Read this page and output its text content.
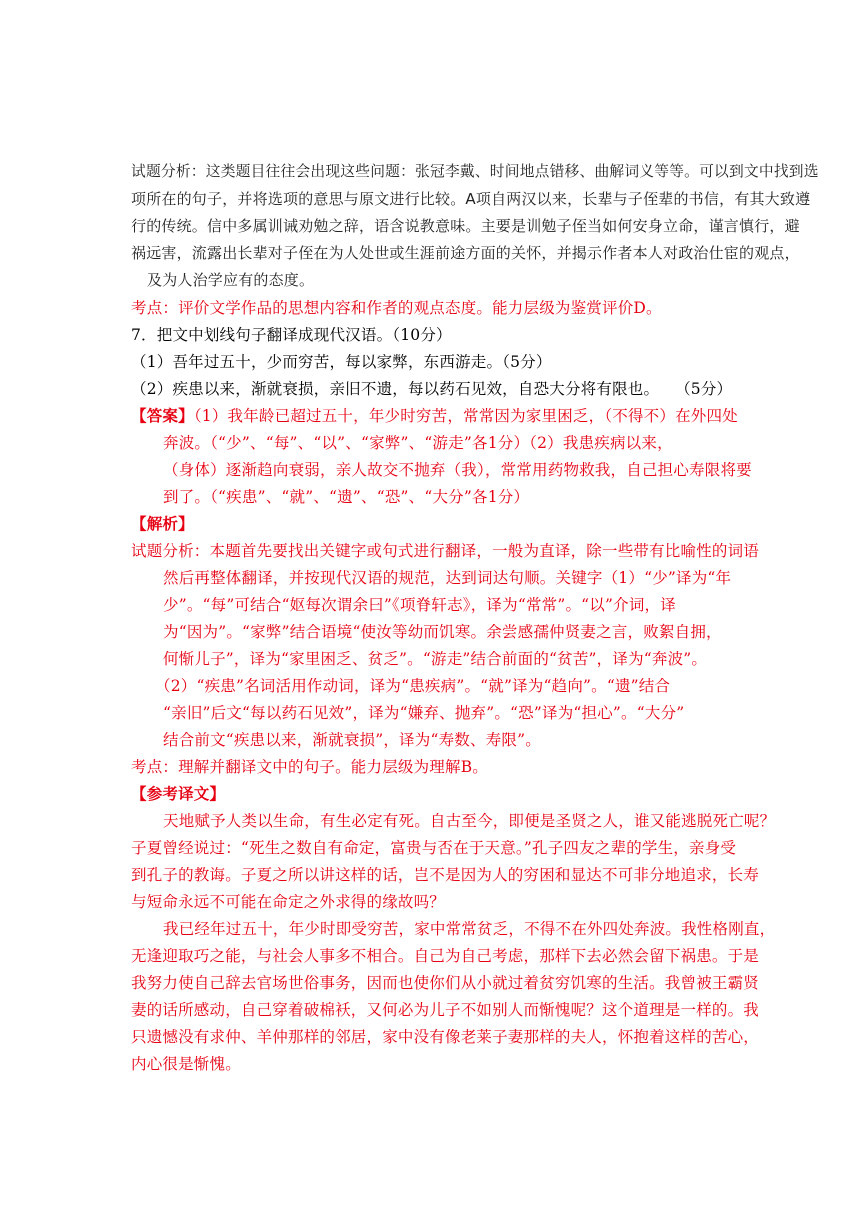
试题分析：这类题目往往会出现这些问题：张冠李戴、时间地点错移、曲解词义等等。可以到文中找到选
项所在的句子，并将选项的意思与原文进行比较。A项自两汉以来，长辈与子侄辈的书信，有其大致遵
行的传统。信中多属训诫劝勉之辞，语含说教意味。主要是训勉子侄当如何安身立命，谨言慎行，避
祸远害，流露出长辈对子侄在为人处世或生涯前途方面的关怀，并揭示作者本人对政治仕宦的观点，
及为人治学应有的态度。
考点：评价文学作品的思想内容和作者的观点态度。能力层级为鉴赏评价D。
7．把文中划线句子翻译成现代汉语。（10分）
（1）吾年过五十，少而穷苦，每以家弊，东西游走。（5分）
（2）疾患以来，渐就衰损，亲旧不遗，每以药石见效，自恐大分将有限也。　　（5分）
【答案】（1）我年龄已超过五十，年少时穷苦，常常因为家里困乏，（不得不）在外四处
奔波。（“少”、“每”、“以”、“家弊”、“游走”各1分）（2）我患疾病以来，
（身体）逐渐趋向衰弱，亲人故交不抛弃（我），常常用药物救我，自己担心寿限将要
到了。（“疾患”、“就”、“遗”、“恐”、“大分”各1分）
【解析】
试题分析：本题首先要找出关键字或句式进行翻译，一般为直译，除一些带有比喻性的词语
然后再整体翻译，并按现代汉语的规范，达到词达句顺。关键字（1）“少”译为“年
少”。“每”可结合“妪每次谓余曰”《项脊轩志》，译为“常常”。“以”介词，译
为“因为”。“家弊”结合语境“使汝等幼而饥寒。余尝感孺仲贤妻之言，败絮自拥，
何惭儿子”，译为“家里困乏、贫乏”。“游走”结合前面的“贫苦”，译为“奔波”。
（2）“疾患”名词活用作动词，译为“患疾病”。“就”译为“趋向”。“遗”结合
“亲旧”后文“每以药石见效”，译为“嫌弃、抛弃”。“恐”译为“担心”。“大分”
结合前文“疾患以来，渐就衰损”，译为“寿数、寿限”。
考点：理解并翻译文中的句子。能力层级为理解B。
【参考译文】
天地赋予人类以生命，有生必定有死。自古至今，即便是圣贤之人，谁又能逃脱死亡呢？
子夏曾经说过：“死生之数自有命定，富贵与否在于天意。”孔子四友之辈的学生，亲身受
到孔子的教诲。子夏之所以讲这样的话，岂不是因为人的穷困和显达不可非分地追求，长寿
与短命永远不可能在命定之外求得的缘故吗？
我已经年过五十，年少时即受穷苦，家中常常贫乏，不得不在外四处奔波。我性格刚直，
无逢迎取巧之能，与社会人事多不相合。自己为自己考虑，那样下去必然会留下祸患。于是
我努力使自己辞去官场世俗事务，因而也使你们从小就过着贫穷饥寒的生活。我曾被王霸贤
妻的话所感动，自己穿着破棉袄，又何必为儿子不如别人而惭愧呢？这个道理是一样的。我
只遗憾没有求仲、羊仲那样的邻居，家中没有像老莱子妻那样的夫人，怀抱着这样的苦心，
内心很是惭愧。
